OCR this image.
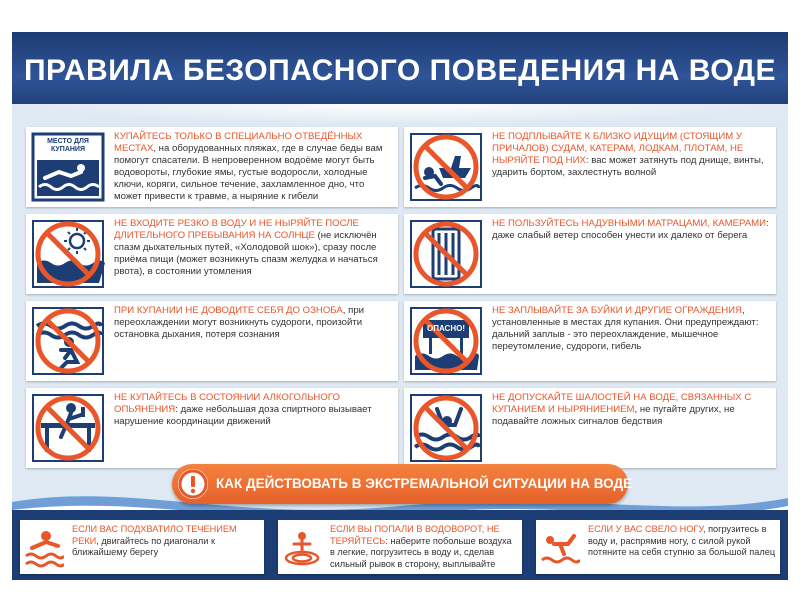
ПРАВИЛА БЕЗОПАСНОГО ПОВЕДЕНИЯ НА ВОДЕ
МЕСТО ДЛЯ КУПАНИЯ
КУПАЙТЕСЬ ТОЛЬКО В СПЕЦИАЛЬНО ОТВЕДЁННЫХ МЕСТАХ, на оборудованных пляжах, где в случае беды вам помогут спасатели. В непроверенном водоёме могут быть водовороты, глубокие ямы, густые водоросли, холодные ключи, коряги, сильное течение, захламленное дно, что может привести к травме, а ныряние к гибели
НЕ ВХОДИТЕ РЕЗКО В ВОДУ И НЕ НЫРЯЙТЕ ПОСЛЕ ДЛИТЕЛЬНОГО ПРЕБЫВАНИЯ НА СОЛНЦЕ (не исключён спазм дыхательных путей, «Холодовой шок»), сразу после приёма пищи (может возникнуть спазм желудка и начаться рвота), в состоянии утомления
ПРИ КУПАНИИ НЕ ДОВОДИТЕ СЕБЯ ДО ОЗНОБА, при переохлаждении могут возникнуть судороги, произойти остановка дыхания, потеря сознания
НЕ КУПАЙТЕСЬ В СОСТОЯНИИ АЛКОГОЛЬНОГО ОПЬЯНЕНИЯ: даже небольшая доза спиртного вызывает нарушение координации движений
НЕ ПОДПЛЫВАЙТЕ К БЛИЗКО ИДУЩИМ (СТОЯЩИМ У ПРИЧАЛОВ) СУДАМ, КАТЕРАМ, ЛОДКАМ, ПЛОТАМ, НЕ НЫРЯЙТЕ ПОД НИХ: вас может затянуть под днище, винты, ударить бортом, захлестнуть волной
НЕ ПОЛЬЗУЙТЕСЬ НАДУВНЫМИ МАТРАЦАМИ, КАМЕРАМИ: даже слабый ветер способен унести их далеко от берега
ОПАСНО!
НЕ ЗАПЛЫВАЙТЕ ЗА БУЙКИ И ДРУГИЕ ОГРАЖДЕНИЯ, установленные в местах для купания. Они предупреждают: дальний заплыв - это переохлаждение, мышечное переутомление, судороги, гибель
НЕ ДОПУСКАЙТЕ ШАЛОСТЕЙ НА ВОДЕ, СВЯЗАННЫХ С КУПАНИЕМ И НЫРЯНИЕНИЕМ, не пугайте других, не подавайте ложных сигналов бедствия
КАК ДЕЙСТВОВАТЬ В ЭКСТРЕМАЛЬНОЙ СИТУАЦИИ НА ВОДЕ
ЕСЛИ ВАС ПОДХВАТИЛО ТЕЧЕНИЕМ РЕКИ, двигайтесь по диагонали к ближайшему берегу
ЕСЛИ ВЫ ПОПАЛИ В ВОДОВОРОТ, НЕ ТЕРЯЙТЕСЬ: наберите побольше воздуха в легкие, погрузитесь в воду и, сделав сильный рывок в сторону, выплывайте
ЕСЛИ У ВАС СВЕЛО НОГУ, погрузитесь в воду и, распрямив ногу, с силой рукой потяните на себя ступню за большой палец
